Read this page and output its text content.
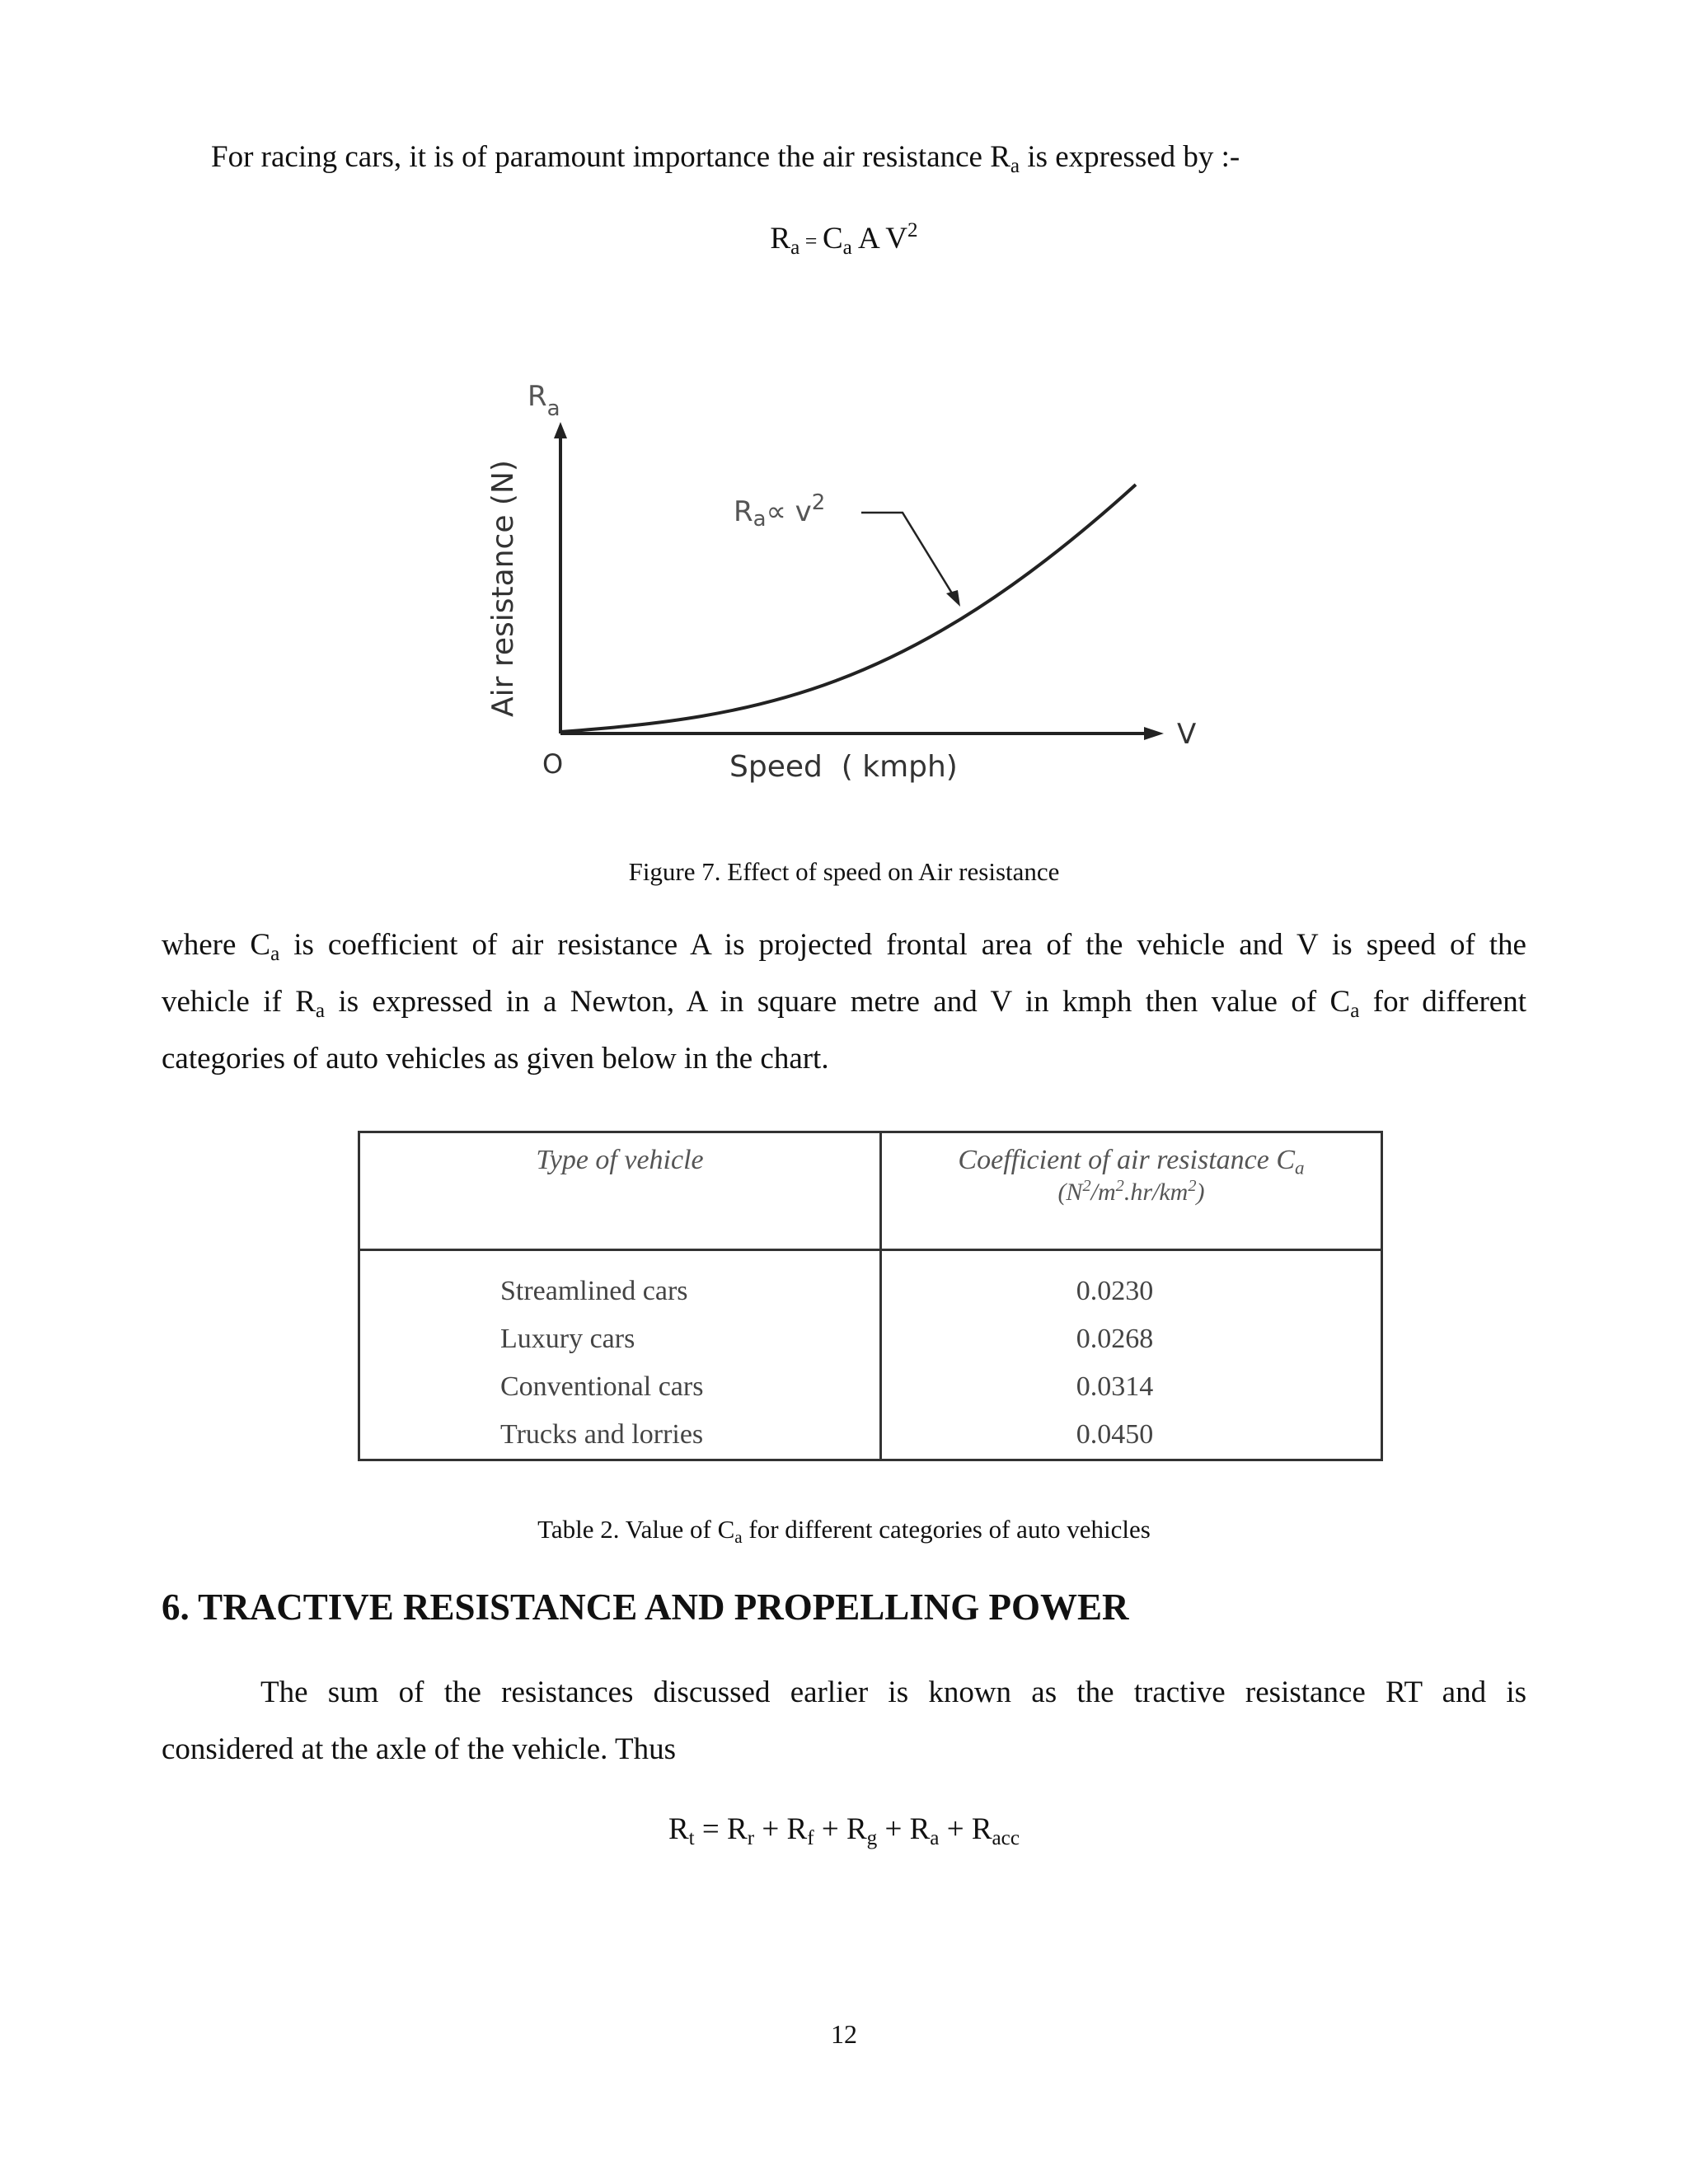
For racing cars, it is of paramount importance the air resistance $R_a$ is expressed by :-

$R_a = C_a$ A $V^2$
$R_a$
Air resistance (N)	$Ra\propto v^2$
O
V
Speed  ( kmph)
Figure 7. Effect of speed on Air resistance

where $C_a$ is coefficient of air resistance A is projected frontal area of the vehicle and V is speed of the

vehicle if $R_a$ is expressed in a Newton, A in square metre and V in kmph then value of $C_a$ for different

categories of auto vehicles as given below in the chart.

Type of vehicle	Coefficient of air resistance $C_a$
$(N^2/m^2.hr/km^2)$
Streamlined cars	0.0230
Luxury cars	0.0268
Conventional cars	0.0314
Trucks and lorries	0.0450
Table 2. Value of $C_a$ for different categories of auto vehicles
6. TRACTIVE RESISTANCE AND PROPELLING POWER

The sum of the resistances discussed earlier is known as the tractive resistance RT and is

considered at the axle of the vehicle. Thus

$R_t = R_r + R_f + R_g + R_a + R_{acc}$
12
